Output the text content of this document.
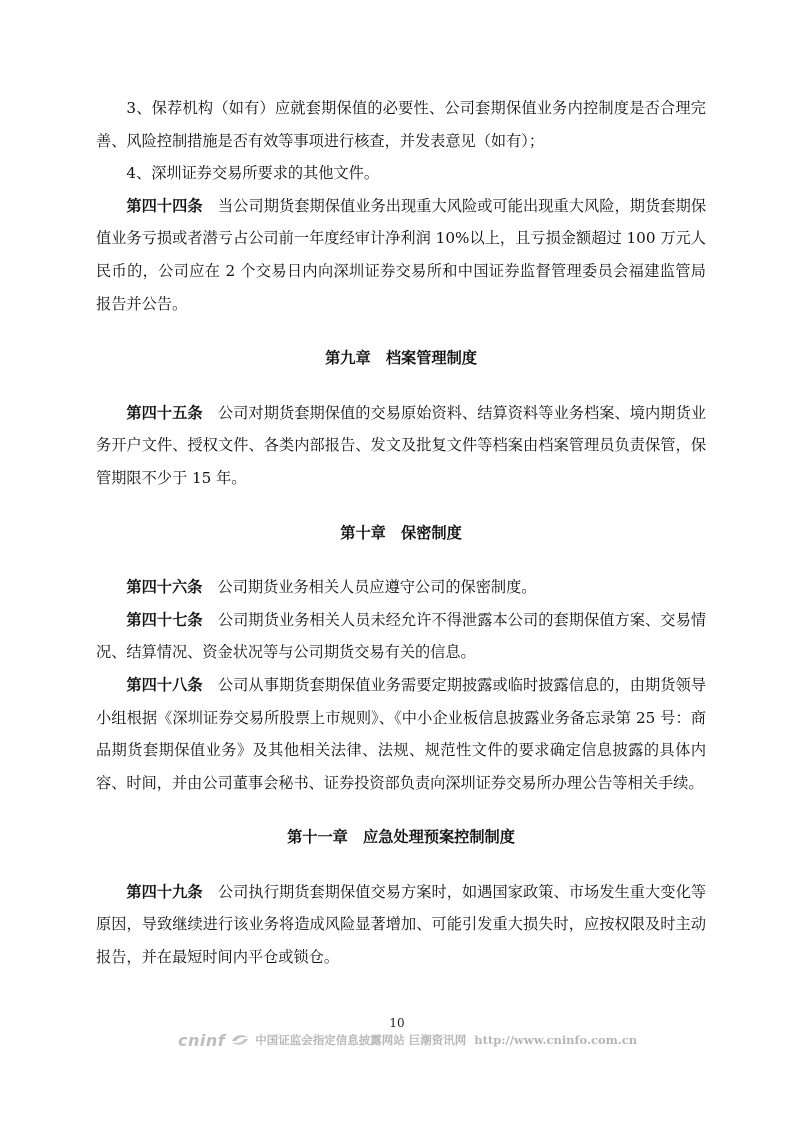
3、保荐机构（如有）应就套期保值的必要性、公司套期保值业务内控制度是否合理完善、风险控制措施是否有效等事项进行核查，并发表意见（如有）；

4、深圳证券交易所要求的其他文件。

第四十四条　当公司期货套期保值业务出现重大风险或可能出现重大风险，期货套期保值业务亏损或者潜亏占公司前一年度经审计净利润 10%以上，且亏损金额超过 100 万元人民币的，公司应在 2 个交易日内向深圳证券交易所和中国证券监督管理委员会福建监管局报告并公告。

第九章　档案管理制度

第四十五条　公司对期货套期保值的交易原始资料、结算资料等业务档案、境内期货业务开户文件、授权文件、各类内部报告、发文及批复文件等档案由档案管理员负责保管，保管期限不少于 15 年。

第十章　保密制度

第四十六条　公司期货业务相关人员应遵守公司的保密制度。

第四十七条　公司期货业务相关人员未经允许不得泄露本公司的套期保值方案、交易情况、结算情况、资金状况等与公司期货交易有关的信息。

第四十八条　公司从事期货套期保值业务需要定期披露或临时披露信息的，由期货领导小组根据《深圳证券交易所股票上市规则》、《中小企业板信息披露业务备忘录第 25 号：商品期货套期保值业务》及其他相关法律、法规、规范性文件的要求确定信息披露的具体内容、时间，并由公司董事会秘书、证券投资部负责向深圳证券交易所办理公告等相关手续。

第十一章　应急处理预案控制制度

第四十九条　公司执行期货套期保值交易方案时，如遇国家政策、市场发生重大变化等原因，导致继续进行该业务将造成风险显著增加、可能引发重大损失时，应按权限及时主动报告，并在最短时间内平仓或锁仓。

10
cninf	中国证监会指定信息披露网站 巨潮资讯网 http://www.cninfo.com.cn
